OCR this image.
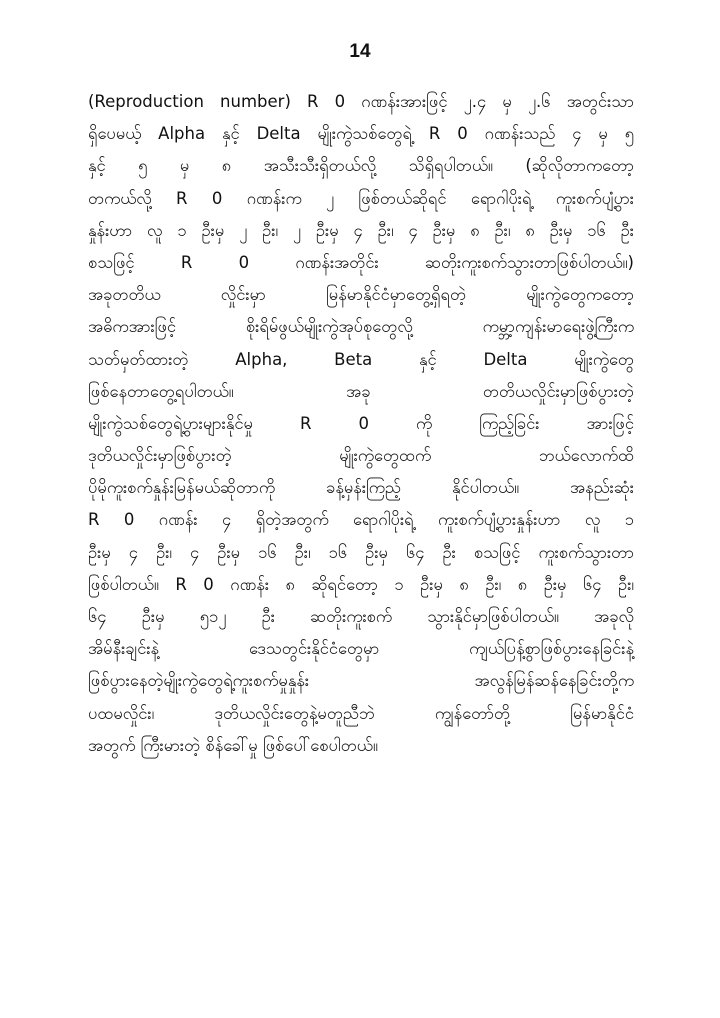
14
(Reproduction number) R 0 ဂဏန်းအားဖြင့် ၂.၄ မှ ၂.၆ အတွင်းသာ
ရှိပေမယ့် Alpha နှင့် Delta မျိုးကွဲသစ်တွေရဲ့ R 0 ဂဏန်းသည် ၄ မှ ၅
နှင့် ၅ မှ ၈ အသီးသီးရှိတယ်လို့ သိရှိရပါတယ်။ (ဆိုလိုတာကတော့
တကယ်လို့ R 0 ဂဏန်းက ၂ ဖြစ်တယ်ဆိုရင် ရောဂါပိုးရဲ့ ကူးစက်ပျံ့ပွား
နှုန်းဟာ လူ ၁ ဦးမှ ၂ ဦး၊ ၂ ဦးမှ ၄ ဦး၊ ၄ ဦးမှ ၈ ဦး၊ ၈ ဦးမှ ၁၆ ဦး
စသဖြင့် R 0 ဂဏန်းအတိုင်း ဆတိုးကူးစက်သွားတာဖြစ်ပါတယ်။)
အခုတတိယ လှိုင်းမှာ မြန်မာနိုင်ငံမှာတွေ့ရှိရတဲ့ မျိုးကွဲတွေကတော့
အဓိကအားဖြင့် စိုးရိမ်ဖွယ်မျိုးကွဲအုပ်စုတွေလို့ ကမ္ဘာ့ကျန်းမာရေးဖွဲ့ကြီးက
သတ်မှတ်ထားတဲ့ Alpha, Beta နှင့် Delta မျိုးကွဲတွေ
ဖြစ်နေတာတွေ့ရပါတယ်။ အခု တတိယလှိုင်းမှာဖြစ်ပွားတဲ့
မျိုးကွဲသစ်တွေရဲ့ပွားများနိုင်မှု R 0 ကို ကြည့်ခြင်း အားဖြင့်
ဒုတိယလှိုင်းမှာဖြစ်ပွားတဲ့ မျိုးကွဲတွေထက် ဘယ်လောက်ထိ
ပိုမိုကူးစက်နှုန်းမြန်မယ်ဆိုတာကို ခန့်မှန်းကြည့် နိုင်ပါတယ်။ အနည်းဆုံး
R 0 ဂဏန်း ၄ ရှိတဲ့အတွက် ရောဂါပိုးရဲ့ ကူးစက်ပျံ့ပွားနှုန်းဟာ လူ ၁
ဦးမှ ၄ ဦး၊ ၄ ဦးမှ ၁၆ ဦး၊ ၁၆ ဦးမှ ၆၄ ဦး စသဖြင့် ကူးစက်သွားတာ
ဖြစ်ပါတယ်။ R 0 ဂဏန်း ၈ ဆိုရင်တော့ ၁ ဦးမှ ၈ ဦး၊ ၈ ဦးမှ ၆၄ ဦး၊
၆၄ ဦးမှ ၅၁၂ ဦး ဆတိုးကူးစက် သွားနိုင်မှာဖြစ်ပါတယ်။ အခုလို
အိမ်နီးချင်းနဲ့ ဒေသတွင်းနိုင်ငံတွေမှာ ကျယ်ပြန့်စွာဖြစ်ပွားနေခြင်းနဲ့
ဖြစ်ပွားနေတဲ့မျိုးကွဲတွေရဲ့ကူးစက်မှုနှုန်း အလွန်မြန်ဆန်နေခြင်းတို့က
ပထမလှိုင်း၊ ဒုတိယလှိုင်းတွေနဲ့မတူညီဘဲ ကျွန်တော်တို့ မြန်မာနိုင်ငံ
အတွက် ကြီးမားတဲ့ စိန်ခေါ်မှု ဖြစ်ပေါ်စေပါတယ်။
